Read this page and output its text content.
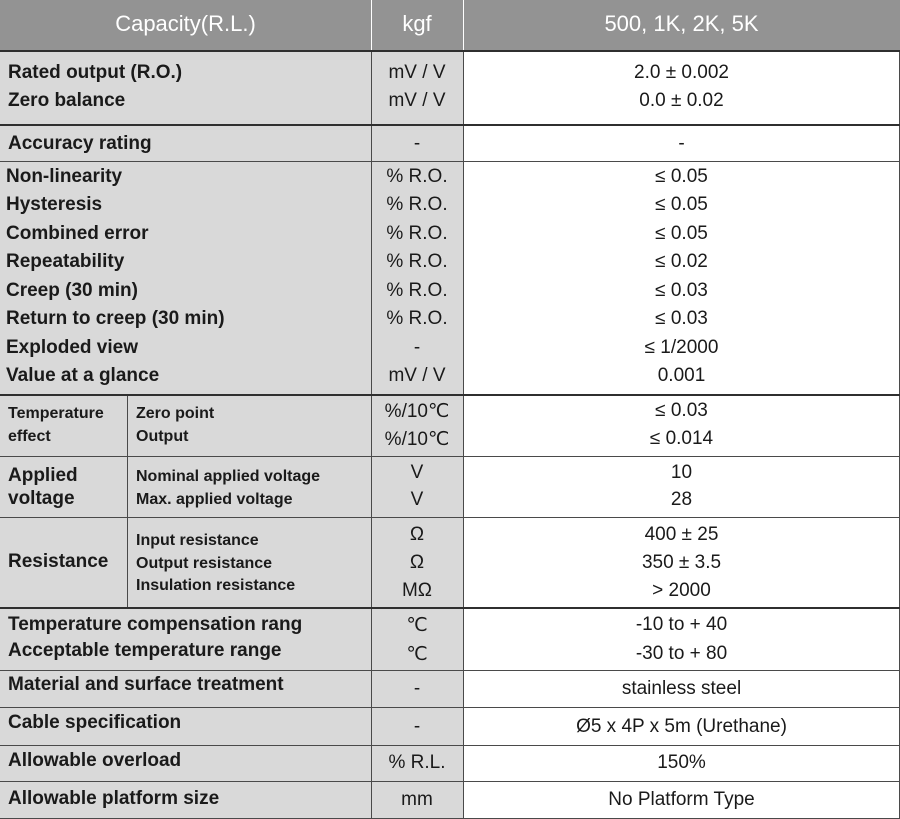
Capacity(R.L.)	kgf	500, 1K, 2K, 5K
Rated output (R.O.)
Zero balance
Accuracy rating
Non-linearity
Hysteresis
Combined error
Repeatability
Creep (30 min)
Return to creep (30 min)
Exploded view
Value at a glance
Temperature
effect
Zero point
Output
Applied
voltage
Nominal applied voltage
Max. applied voltage
Resistance
Input resistance
Output resistance
Insulation resistance
Temperature compensation rang
Acceptable temperature range
Material and surface treatment
Cable specification
Allowable overload
Allowable platform size
mV / V
mV / V
-
% R.O.
% R.O.
% R.O.
% R.O.
% R.O.
% R.O.
-
mV / V
%/10℃
%/10℃
V
V
Ω
Ω
MΩ
℃
℃
-
-
% R.L.
mm
2.0 ± 0.002
0.0 ± 0.02
-
≤ 0.05
≤ 0.05
≤ 0.05
≤ 0.02
≤ 0.03
≤ 0.03
≤ 1/2000
0.001
≤ 0.03
≤ 0.014
10
28
400 ± 25
350 ± 3.5
> 2000
-10 to + 40
-30 to + 80
stainless steel
Ø5 x 4P x 5m (Urethane)
150%
No Platform Type
